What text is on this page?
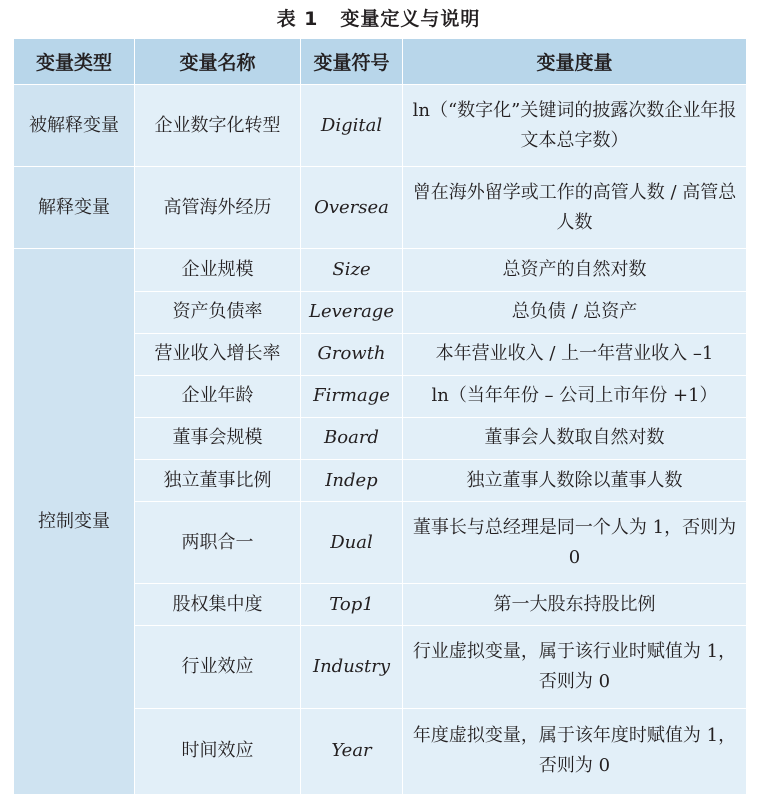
表 1 变量定义与说明
变量类型	变量名称	变量符号	变量度量
被解释变量	企业数字化转型	Digital	ln（“数字化”关键词的披露次数企业年报文本总字数）
解释变量	高管海外经历	Oversea	曾在海外留学或工作的高管人数 / 高管总人数
控制变量	企业规模	Size	总资产的自然对数
	资产负债率	Leverage	总负债 / 总资产
	营业收入增长率	Growth	本年营业收入 / 上一年营业收入 –1
	企业年龄	Firmage	ln（当年年份 – 公司上市年份 +1）
	董事会规模	Board	董事会人数取自然对数
	独立董事比例	Indep	独立董事人数除以董事人数
	两职合一	Dual	董事长与总经理是同一个人为 1，否则为 0
	股权集中度	Top1	第一大股东持股比例
	行业效应	Industry	行业虚拟变量，属于该行业时赋值为 1，否则为 0
	时间效应	Year	年度虚拟变量，属于该年度时赋值为 1，否则为 0
